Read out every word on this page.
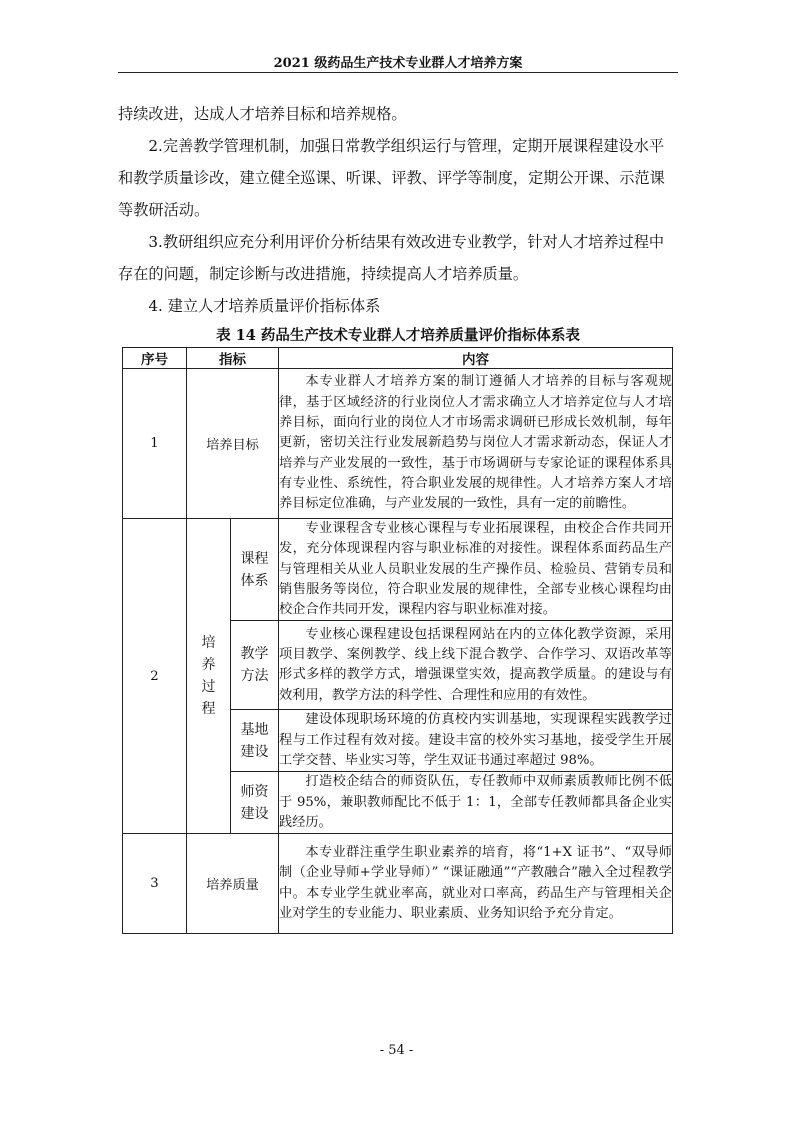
2021 级药品生产技术专业群人才培养方案

持续改进，达成人才培养目标和培养规格。

2.完善教学管理机制，加强日常教学组织运行与管理，定期开展课程建设水平和教学质量诊改，建立健全巡课、听课、评教、评学等制度，定期公开课、示范课等教研活动。

3.教研组织应充分利用评价分析结果有效改进专业教学，针对人才培养过程中存在的问题，制定诊断与改进措施，持续提高人才培养质量。

4. 建立人才培养质量评价指标体系

表 14 药品生产技术专业群人才培养质量评价指标体系表

序号	指标		内容
1	培养目标		本专业群人才培养方案的制订遵循人才培养的目标与客观规律，基于区域经济的行业岗位人才需求确立人才培养定位与人才培养目标，面向行业的岗位人才市场需求调研已形成长效机制，每年更新，密切关注行业发展新趋势与岗位人才需求新动态，保证人才培养与产业发展的一致性，基于市场调研与专家论证的课程体系具有专业性、系统性，符合职业发展的规律性。人才培养方案人才培养目标定位准确，与产业发展的一致性，具有一定的前瞻性。
2	培养过程	课程体系	专业课程含专业核心课程与专业拓展课程，由校企合作共同开发，充分体现课程内容与职业标准的对接性。课程体系面药品生产与管理相关从业人员职业发展的生产操作员、检验员、营销专员和销售服务等岗位，符合职业发展的规律性，全部专业核心课程均由校企合作共同开发，课程内容与职业标准对接。
		教学方法	专业核心课程建设包括课程网站在内的立体化教学资源，采用项目教学、案例教学、线上线下混合教学、合作学习、双语改革等形式多样的教学方式，增强课堂实效，提高教学质量。的建设与有效利用，教学方法的科学性、合理性和应用的有效性。
		基地建设	建设体现职场环境的仿真校内实训基地，实现课程实践教学过程与工作过程有效对接。建设丰富的校外实习基地，接受学生开展工学交替、毕业实习等，学生双证书通过率超过 98%。
		师资建设	打造校企结合的师资队伍，专任教师中双师素质教师比例不低于 95%，兼职教师配比不低于 1：1，全部专任教师都具备企业实践经历。
3	培养质量		本专业群注重学生职业素养的培育，将“1+X 证书”、“双导师制（企业导师+学业导师）” “课证融通”“产教融合”融入全过程教学中。本专业学生就业率高，就业对口率高，药品生产与管理相关企业对学生的专业能力、职业素质、业务知识给予充分肯定。
- 54 -
